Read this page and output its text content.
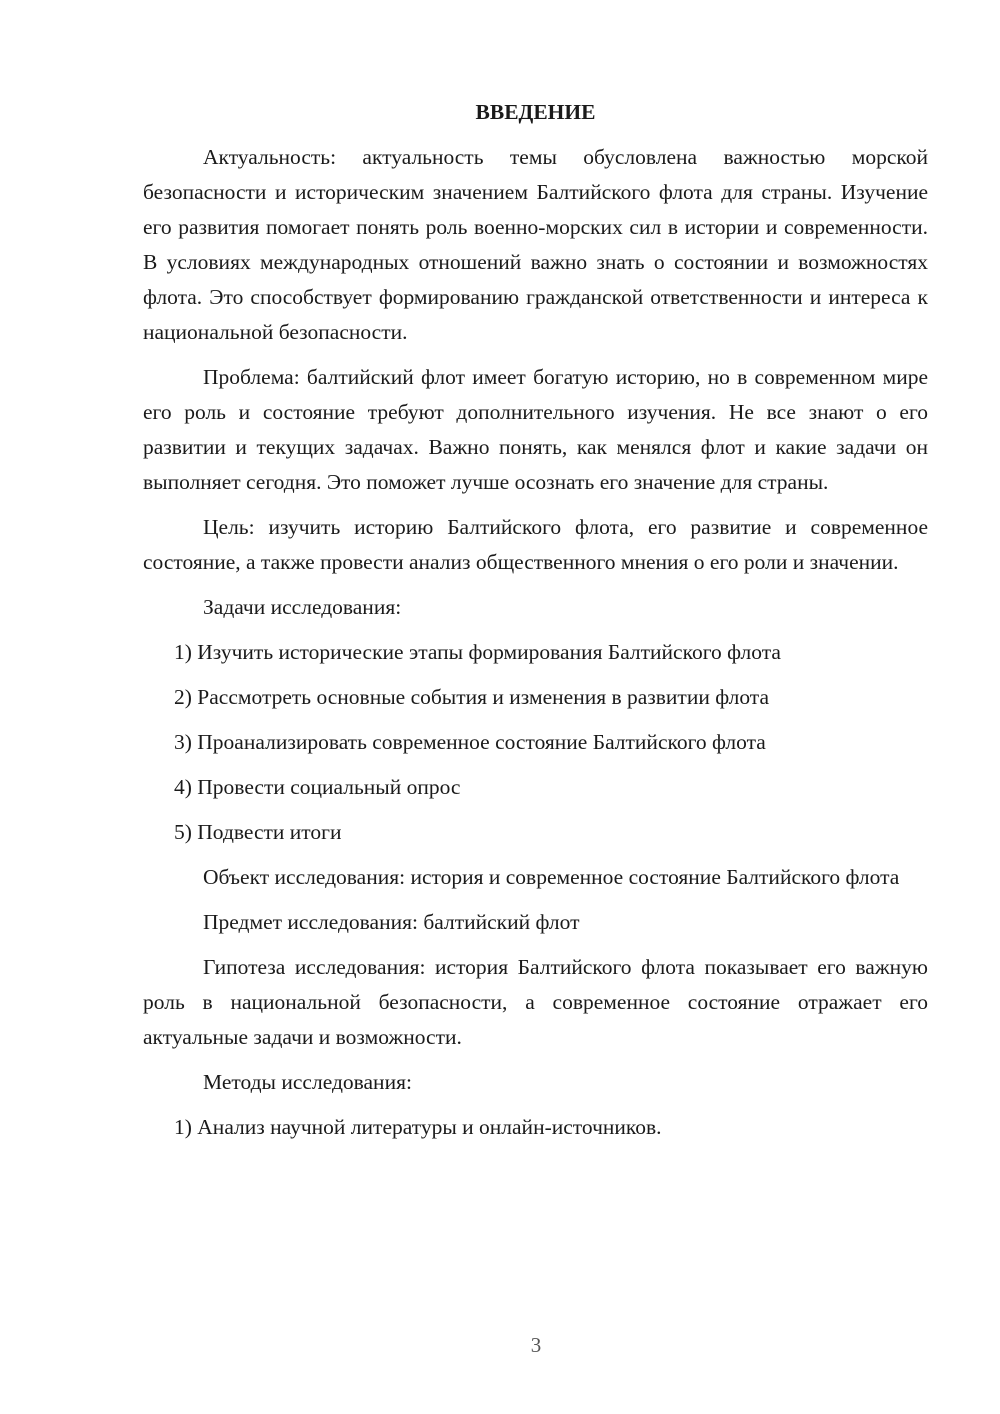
ВВЕДЕНИЕ

Актуальность: актуальность темы обусловлена важностью морской безопасности и историческим значением Балтийского флота для страны. Изучение его развития помогает понять роль военно-морских сил в истории и современности. В условиях международных отношений важно знать о состоянии и возможностях флота. Это способствует формированию гражданской ответственности и интереса к национальной безопасности.

Проблема: балтийский флот имеет богатую историю, но в современном мире его роль и состояние требуют дополнительного изучения. Не все знают о его развитии и текущих задачах. Важно понять, как менялся флот и какие задачи он выполняет сегодня. Это поможет лучше осознать его значение для страны.

Цель: изучить историю Балтийского флота, его развитие и современное состояние, а также провести анализ общественного мнения о его роли и значении.

Задачи исследования:
1) Изучить исторические этапы формирования Балтийского флота
2) Рассмотреть основные события и изменения в развитии флота
3) Проанализировать современное состояние Балтийского флота
4) Провести социальный опрос
5) Подвести итоги

Объект исследования: история и современное состояние Балтийского флота

Предмет исследования: балтийский флот

Гипотеза исследования: история Балтийского флота показывает его важную роль в национальной безопасности, а современное состояние отражает его актуальные задачи и возможности.

Методы исследования:
1) Анализ научной литературы и онлайн-источников.
3
